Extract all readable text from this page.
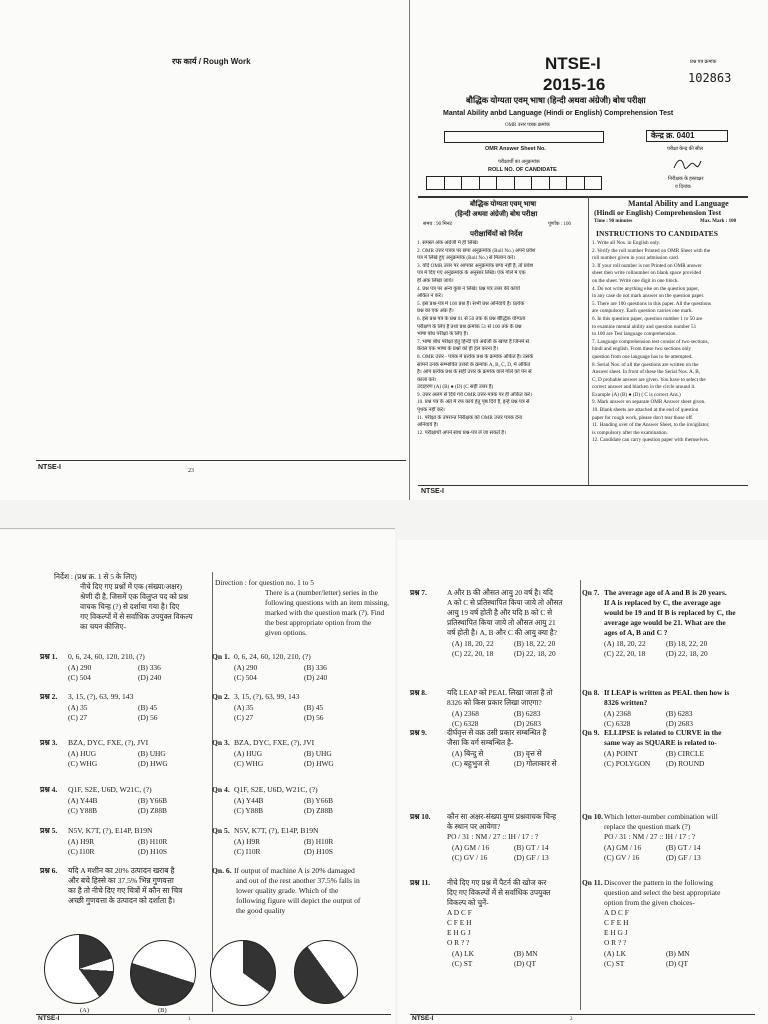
रफ कार्य / Rough Work
NTSE-I	23
NTSE-I
2015-16
प्रश्न पत्र क्रमांक
102863
बौद्धिक योग्यता एवम् भाषा (हिन्दी अथवा अंग्रेजी) बोध परीक्षा
Mantal Ability anbd Language (Hindi or English) Comprehension Test
OMR उत्तर पत्रक क्रमांक
OMR Answer Sheet No.
परीक्षार्थी का अनुक्रमांक
ROLL NO. OF CANDIDATE
केन्द्र क्र. 0401
परीक्षा केन्द्र की सील
निरीक्षक के हस्ताक्षर
व दिनांक
बौद्धिक योग्यता एवम् भाषा
(हिन्दी अथवा अंग्रेजी) बोध परीक्षा
समय : 90 मिनट	पूर्णांक : 100
परीक्षार्थियों को निर्देश
Mantal Ability and Language
(Hindi or English) Comprehension Test
Time : 90 minutes	Max. Mark : 100
INSTRUCTIONS TO CANDIDATES
1. समस्त अंक अंग्रेजी में ही लिखें।
2. OMR उत्तर पत्रक पर छपा अनुक्रमांक (Roll No.) अपने प्रवेश
पत्र में लिखे हुए अनुक्रमांक (Roll No.) से मिलान करें।
3. यदि OMR उत्तर पर आपका अनुक्रमांक छपा नहीं है, तो प्रवेश
पत्र में दिए गए अनुक्रमांक के अनुसार लिखें। एक गोले में एक
ही अंक लिखा जाये।
4. प्रश्न पत्र पर अन्य कुछ न लिखें। प्रश्न पत्र उत्तर की कार्यो
अंकित न करें।
5. इस प्रश्न-पत्र में 100 प्रश्न हैं। सभी प्रश्न अनिवार्य हैं। प्रत्येक
प्रश्न का एक अंक है।
6. इस प्रश्न पत्र के प्रश्न 01 से 50 तक के प्रश्न बौद्धिक योग्यता
परीक्षण के लिए है तथा प्रश्न क्रमांक 51 से 100 तक के प्रश्न
भाषा बोध परीक्षा के लिए है।
7. भाषा बोध परीक्षा हेतु हिन्दी एवं अंग्रेजी के खण्ड है जिनमें से
केवल एक भाषा के प्रश्नों को ही हल करना है।
8. OMR उत्तर - पत्रक में प्रत्येक प्रश्न के क्रमांक अंकित है। उसके
सामने उनके सम्भावित उत्तरों के क्रमांक A, B, C, D, में अंकित
हैं। आप प्रत्येक प्रश्न के सही उत्तर के क्रमांक वाले गोले को पेन से
काला करें।
उदाहरण (A) (B) ● (D) (C सही उत्तर है)
9. उत्तर अलग से दिये गये OMR उत्तर-पत्रक पर ही अंकित करें।
10. प्रश्न पत्र के अंत में रफ कार्य हेतु पृष्ठ दिये हैं, इन्हें प्रश्न पत्र से
पृथक नहीं करें।
11. परीक्षा के उपरान्त निरीक्षक को OMR उत्तर पत्रक देना
अनिवार्य है।
12. परीक्षार्थी अपने साथ प्रश्न-पत्र ले जा सकते है।
1. Write all Nos. in English only.
2. Verify the roll number Printed on OMR Sheet with the
roll number given in your admission card.
3. If your roll number is not Printed on OMR answer
sheet then write rollnumber on blank space provided
on the sheet. Write one digit in one block.
4. Do not write anything else on the question paper,
in any case do not mark answer on the question paper.
5. There are 100 questions in this paper. All the questions
are compulsory. Each question carries one mark.
6. In this question paper, question number 1 to 50 are
to examine mental ability and question number 51
to 100 are Test language comprehension.
7. Language comprehension test consist of two sections,
hindi and english. From these two sections only
question from one language has to be attempted.
8. Serial Nos. of all the questions are written on the
Answer sheet. In front of these the Serial Nos. A, B,
C, D probable answer are given. You have to select the
correct answer and blacken in the circle around it.
Example (A) (B) ● (D) ( C is correct Ans.)
9. Mark answer on separate OMR Answer sheet given.
10. Blank sheets are attached at the end of question
paper for rough work, please don't tear those off.
11. Handing over of the Answer Sheet, to the invigilator,
is compulsory after the examination.
12. Candidate can carry question paper with themselves.
NTSE-I
निर्देश : (प्रश्न क्र. 1 से 5 के लिए)
नीचे दिए गए प्रश्नों में एक (संख्या/अक्षर)
श्रेणी दी है, जिसमें एक विलुप्त पद को प्रश्न
वाचक चिन्ह (?) से दर्शाया गया है। दिए
गए विकल्पों में से सर्वाधिक उपयुक्त विकल्प
का चयन कीजिए-
Direction : for question no. 1 to 5
There is a (number/letter) series in the
following questions with an item missing,
marked with the question mark (?). Find
the best appropriate option from the
given options.
(A)	(B)
NTSE-I	1	NTSE-I	2
प्रश्न 1. 0, 6, 24, 60, 120, 210, (?)
(A) 290	(B) 336
(C) 504	(D) 240
प्रश्न 2. 3, 15, (?), 63, 99, 143
(A) 35	(B) 45
(C) 27	(D) 56
प्रश्न 3. BZA, DYC, FXE, (?), JVI
(A) HUG	(B) UHG
(C) WHG	(D) HWG
प्रश्न 4. Q1F, S2E, U6D, W21C, (?)
(A) Y44B	(B) Y66B
(C) Y88B	(D) Z88B
प्रश्न 5. N5V, K7T, (?), E14P, B19N
(A) H9R	(B) H10R
(C) I10R	(D) H10S
प्रश्न 6. यदि A मशीन का 20% उत्पादन खराब है
Qn 1. 0, 6, 24, 60, 120, 210, (?)
(A) 290	(B) 336
(C) 504	(D) 240
Qn 2. 3, 15, (?), 63, 99, 143
(A) 35	(B) 45
(C) 27	(D) 56
Qn 3. BZA, DYC, FXE, (?), JVI
(A) HUG	(B) UHG
(C) WHG	(D) HWG
Qn 4. Q1F, S2E, U6D, W21C, (?)
(A) Y44B	(B) Y66B
(C) Y88B	(D) Z88B
Qn 5. N5V, K7T, (?), E14P, B19N
(A) H9R	(B) H10R
(C) I10R	(D) H10S
Qn. 6. If output of machine A is 20% damaged
और बचे हिस्से का 37.5% भिन्न गुणवत्ता
का है तो नीचे दिए गए चित्रों में कौन सा चित्र
अच्छी गुणवत्ता के उत्पादन को दर्शाता है।
and out of the rest another 37.5% falls in
lower quality grade. Which of the
following figure will depict the output of
the good quality
प्रश्न 7.	A और B की औसत आयु 20 वर्ष है। यदि
A को C से प्रतिस्थापित किया जाये तो औसत
आयु 19 वर्ष होती है और यदि B को C से
प्रतिस्थापित किया जाये तो औसत आयु 21
वर्ष होती है। A, B और C की आयु क्या है?
(A) 18, 20, 22	(B) 18, 22, 20
(C) 22, 20, 18	(D) 22, 18, 20
Qn 7. The average age of A and B is 20 years.
If A is replaced by C, the average age
would be 19 and If B is replaced by C, the
average age would be 21. What are the
ages of A, B and C ?
(A) 18, 20, 22	(B) 18, 22, 20
(C) 22, 20, 18	(D) 22, 18, 20
प्रश्न 8.	यदि LEAP को PEAL लिखा जाता है तो
8326 को किस प्रकार लिखा जाएगा?
(A) 2368	(B) 6283
(C) 6328	(D) 2683
Qn 8. If LEAP is written as PEAL then how is
8326 written?
(A) 2368	(B) 6283
(C) 6328	(D) 2683
प्रश्न 9.	दीर्घवृत्त से वक्र उसी प्रकार सम्बन्धित है
जैसा कि वर्ग सम्बन्धित है-
(A) बिन्दु से	(B) वृत्त से
(C) बहुभुज से	(D) गोलाकार से
Qn 9. ELLIPSE is related to CURVE in the
same way as SQUARE is related to-
(A) POINT	(B) CIRCLE
(C) POLYGON (D) ROUND
प्रश्न 10. कौन सा अक्षर-संख्या युग्म प्रश्नवाचक चिन्ह
के स्थान पर आयेगा?
PO / 31 : NM / 27 :: IH / 17 : ?
(A) GM / 16	(B) GT / 14
(C) GV / 16	(D) GF / 13
Qn 10. Which letter-number combination will
replace the question mark (?)
PO / 31 : NM / 27 :: IH / 17 : ?
(A) GM / 16	(B) GT / 14
(C) GV / 16	(D) GF / 13
प्रश्न 11. नीचे दिए गए प्रश्न में पैटर्न की खोज कर
दिए गए विकल्पों में से सर्वाधिक उपयुक्त
विकल्प को चुनें-
A D C F
C F E H
E H G J
O R ? ?
(A) LK	(B) MN
(C) ST	(D) QT
Qn 11. Discover the pattern in the following
question and select the best appropriate
option from the given choices-
A D C F
C F E H
E H G J
O R ? ?
(A) LK	(B) MN
(C) ST	(D) QT
